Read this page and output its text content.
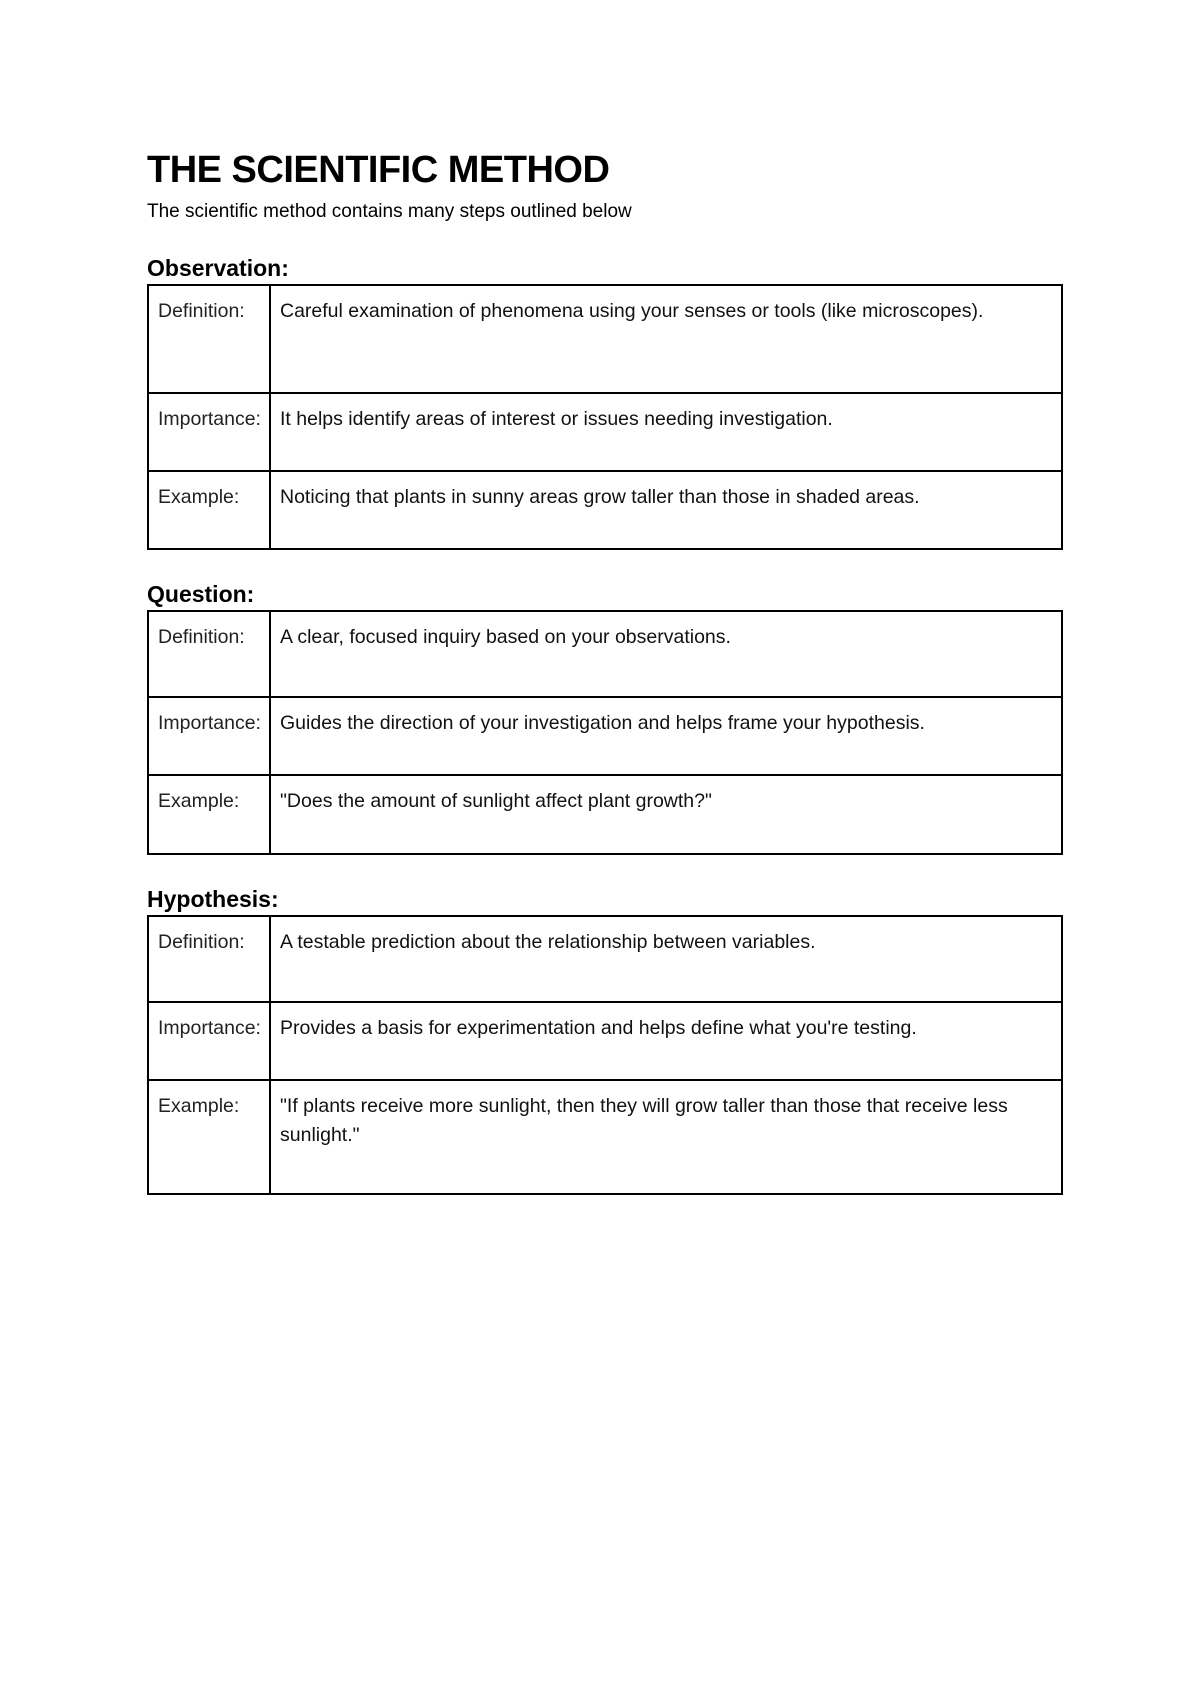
THE SCIENTIFIC METHOD

The scientific method contains many steps outlined below

Observation:
Definition:	Careful examination of phenomena using your senses or tools (like microscopes).
Importance:	It helps identify areas of interest or issues needing investigation.
Example:	Noticing that plants in sunny areas grow taller than those in shaded areas.
Question:
Definition:	A clear, focused inquiry based on your observations.
Importance:	Guides the direction of your investigation and helps frame your hypothesis.
Example:	"Does the amount of sunlight affect plant growth?"
Hypothesis:
Definition:	A testable prediction about the relationship between variables.
Importance:	Provides a basis for experimentation and helps define what you're testing.
Example:	"If plants receive more sunlight, then they will grow taller than those that receive less sunlight."
